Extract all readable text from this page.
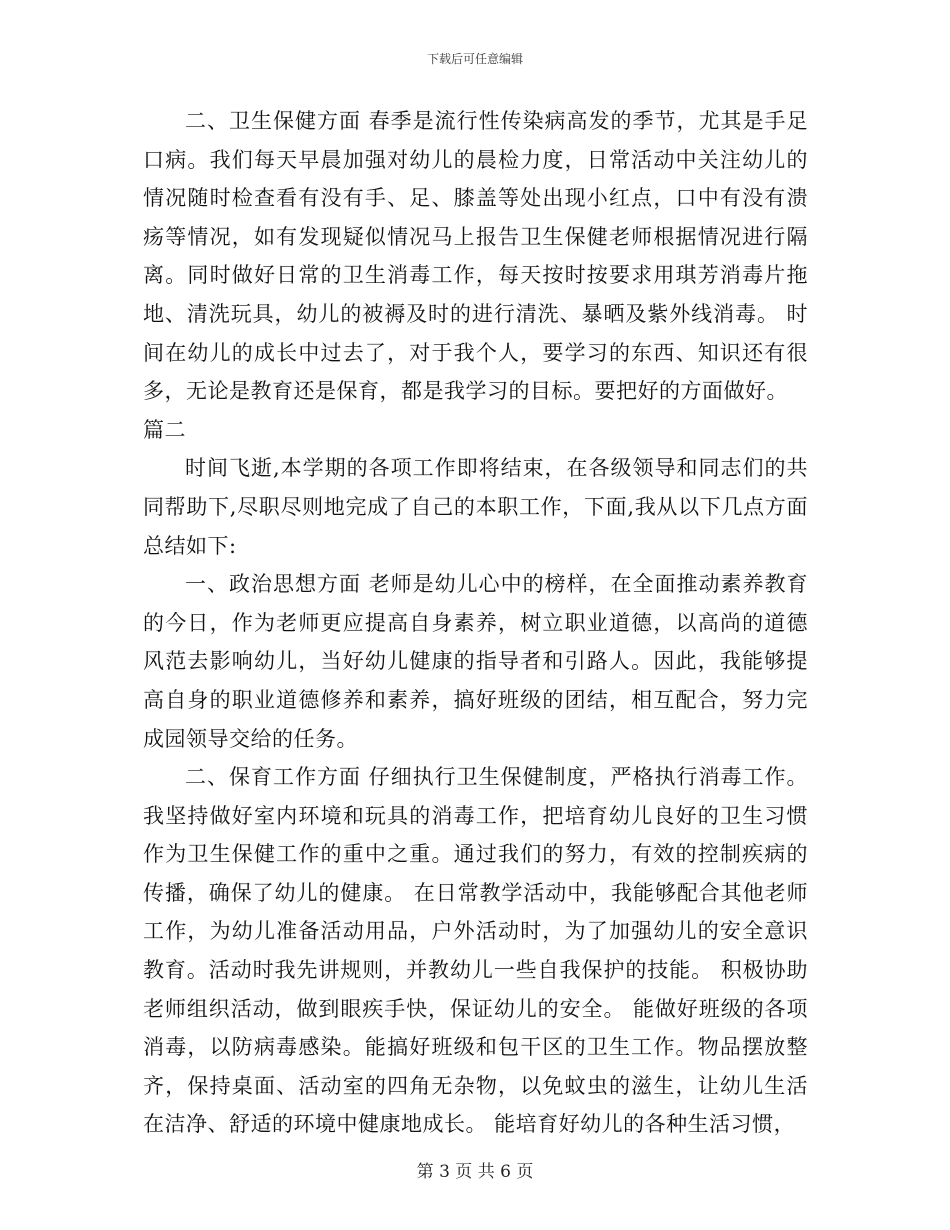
下载后可任意编辑

二、卫生保健方面 春季是流行性传染病高发的季节，尤其是手足口病。我们每天早晨加强对幼儿的晨检力度，日常活动中关注幼儿的情况随时检查看有没有手、足、膝盖等处出现小红点，口中有没有溃疡等情况，如有发现疑似情况马上报告卫生保健老师根据情况进行隔离。同时做好日常的卫生消毒工作，每天按时按要求用琪芳消毒片拖地、清洗玩具，幼儿的被褥及时的进行清洗、暴晒及紫外线消毒。 时间在幼儿的成长中过去了，对于我个人，要学习的东西、知识还有很多，无论是教育还是保育，都是我学习的目标。要把好的方面做好。

篇二

时间飞逝,本学期的各项工作即将结束，在各级领导和同志们的共同帮助下,尽职尽则地完成了自己的本职工作，下面,我从以下几点方面总结如下:

一、政治思想方面 老师是幼儿心中的榜样，在全面推动素养教育的今日，作为老师更应提高自身素养，树立职业道德，以高尚的道德风范去影响幼儿，当好幼儿健康的指导者和引路人。因此，我能够提高自身的职业道德修养和素养，搞好班级的团结，相互配合，努力完成园领导交给的任务。

二、保育工作方面 仔细执行卫生保健制度，严格执行消毒工作。我坚持做好室内环境和玩具的消毒工作，把培育幼儿良好的卫生习惯作为卫生保健工作的重中之重。通过我们的努力，有效的控制疾病的传播，确保了幼儿的健康。 在日常教学活动中，我能够配合其他老师工作，为幼儿准备活动用品，户外活动时，为了加强幼儿的安全意识教育。活动时我先讲规则，并教幼儿一些自我保护的技能。 积极协助老师组织活动，做到眼疾手快，保证幼儿的安全。 能做好班级的各项消毒，以防病毒感染。能搞好班级和包干区的卫生工作。物品摆放整齐，保持桌面、活动室的四角无杂物，以免蚊虫的滋生，让幼儿生活在洁净、舒适的环境中健康地成长。 能培育好幼儿的各种生活习惯，

第 3 页 共 6 页
